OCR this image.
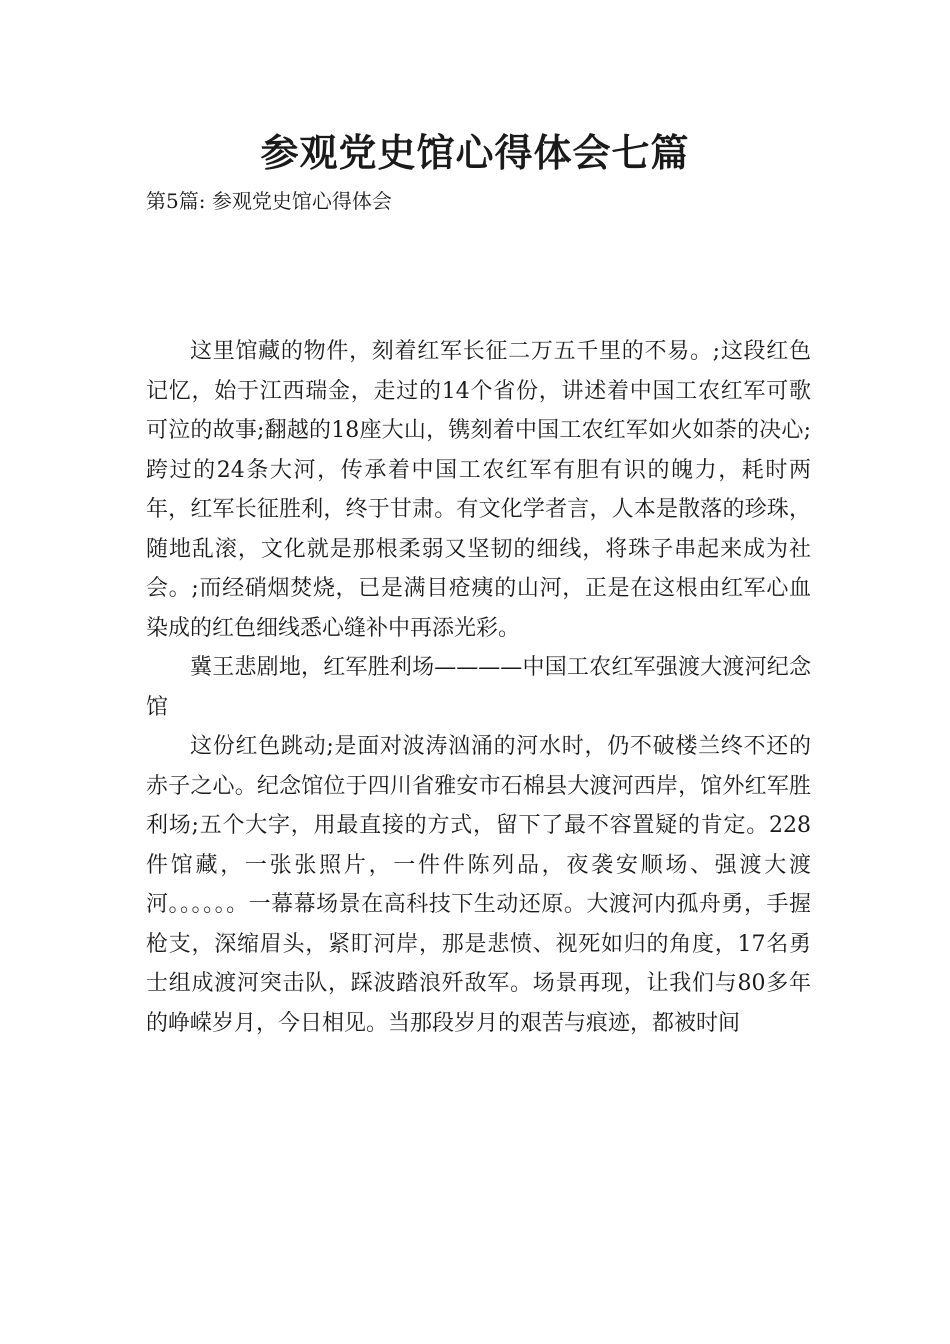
参观党史馆心得体会七篇

第5篇: 参观党史馆心得体会

这里馆藏的物件，刻着红军长征二万五千里的不易。;这段红色记忆，始于江西瑞金，走过的14个省份，讲述着中国工农红军可歌可泣的故事;翻越的18座大山，镌刻着中国工农红军如火如荼的决心;跨过的24条大河，传承着中国工农红军有胆有识的魄力，耗时两年，红军长征胜利，终于甘肃。有文化学者言，人本是散落的珍珠，随地乱滚，文化就是那根柔弱又坚韧的细线，将珠子串起来成为社会。;而经硝烟焚烧，已是满目疮痍的山河，正是在这根由红军心血染成的红色细线悉心缝补中再添光彩。

冀王悲剧地，红军胜利场————中国工农红军强渡大渡河纪念馆

这份红色跳动;是面对波涛汹涌的河水时，仍不破楼兰终不还的赤子之心。纪念馆位于四川省雅安市石棉县大渡河西岸，馆外红军胜利场;五个大字，用最直接的方式，留下了最不容置疑的肯定。228件馆藏，一张张照片，一件件陈列品，夜袭安顺场、强渡大渡河。。。。。。一幕幕场景在高科技下生动还原。大渡河内孤舟勇，手握枪支，深缩眉头，紧盯河岸，那是悲愤、视死如归的角度，17名勇士组成渡河突击队，踩波踏浪歼敌军。场景再现，让我们与80多年的峥嵘岁月，今日相见。当那段岁月的艰苦与痕迹，都被时间
